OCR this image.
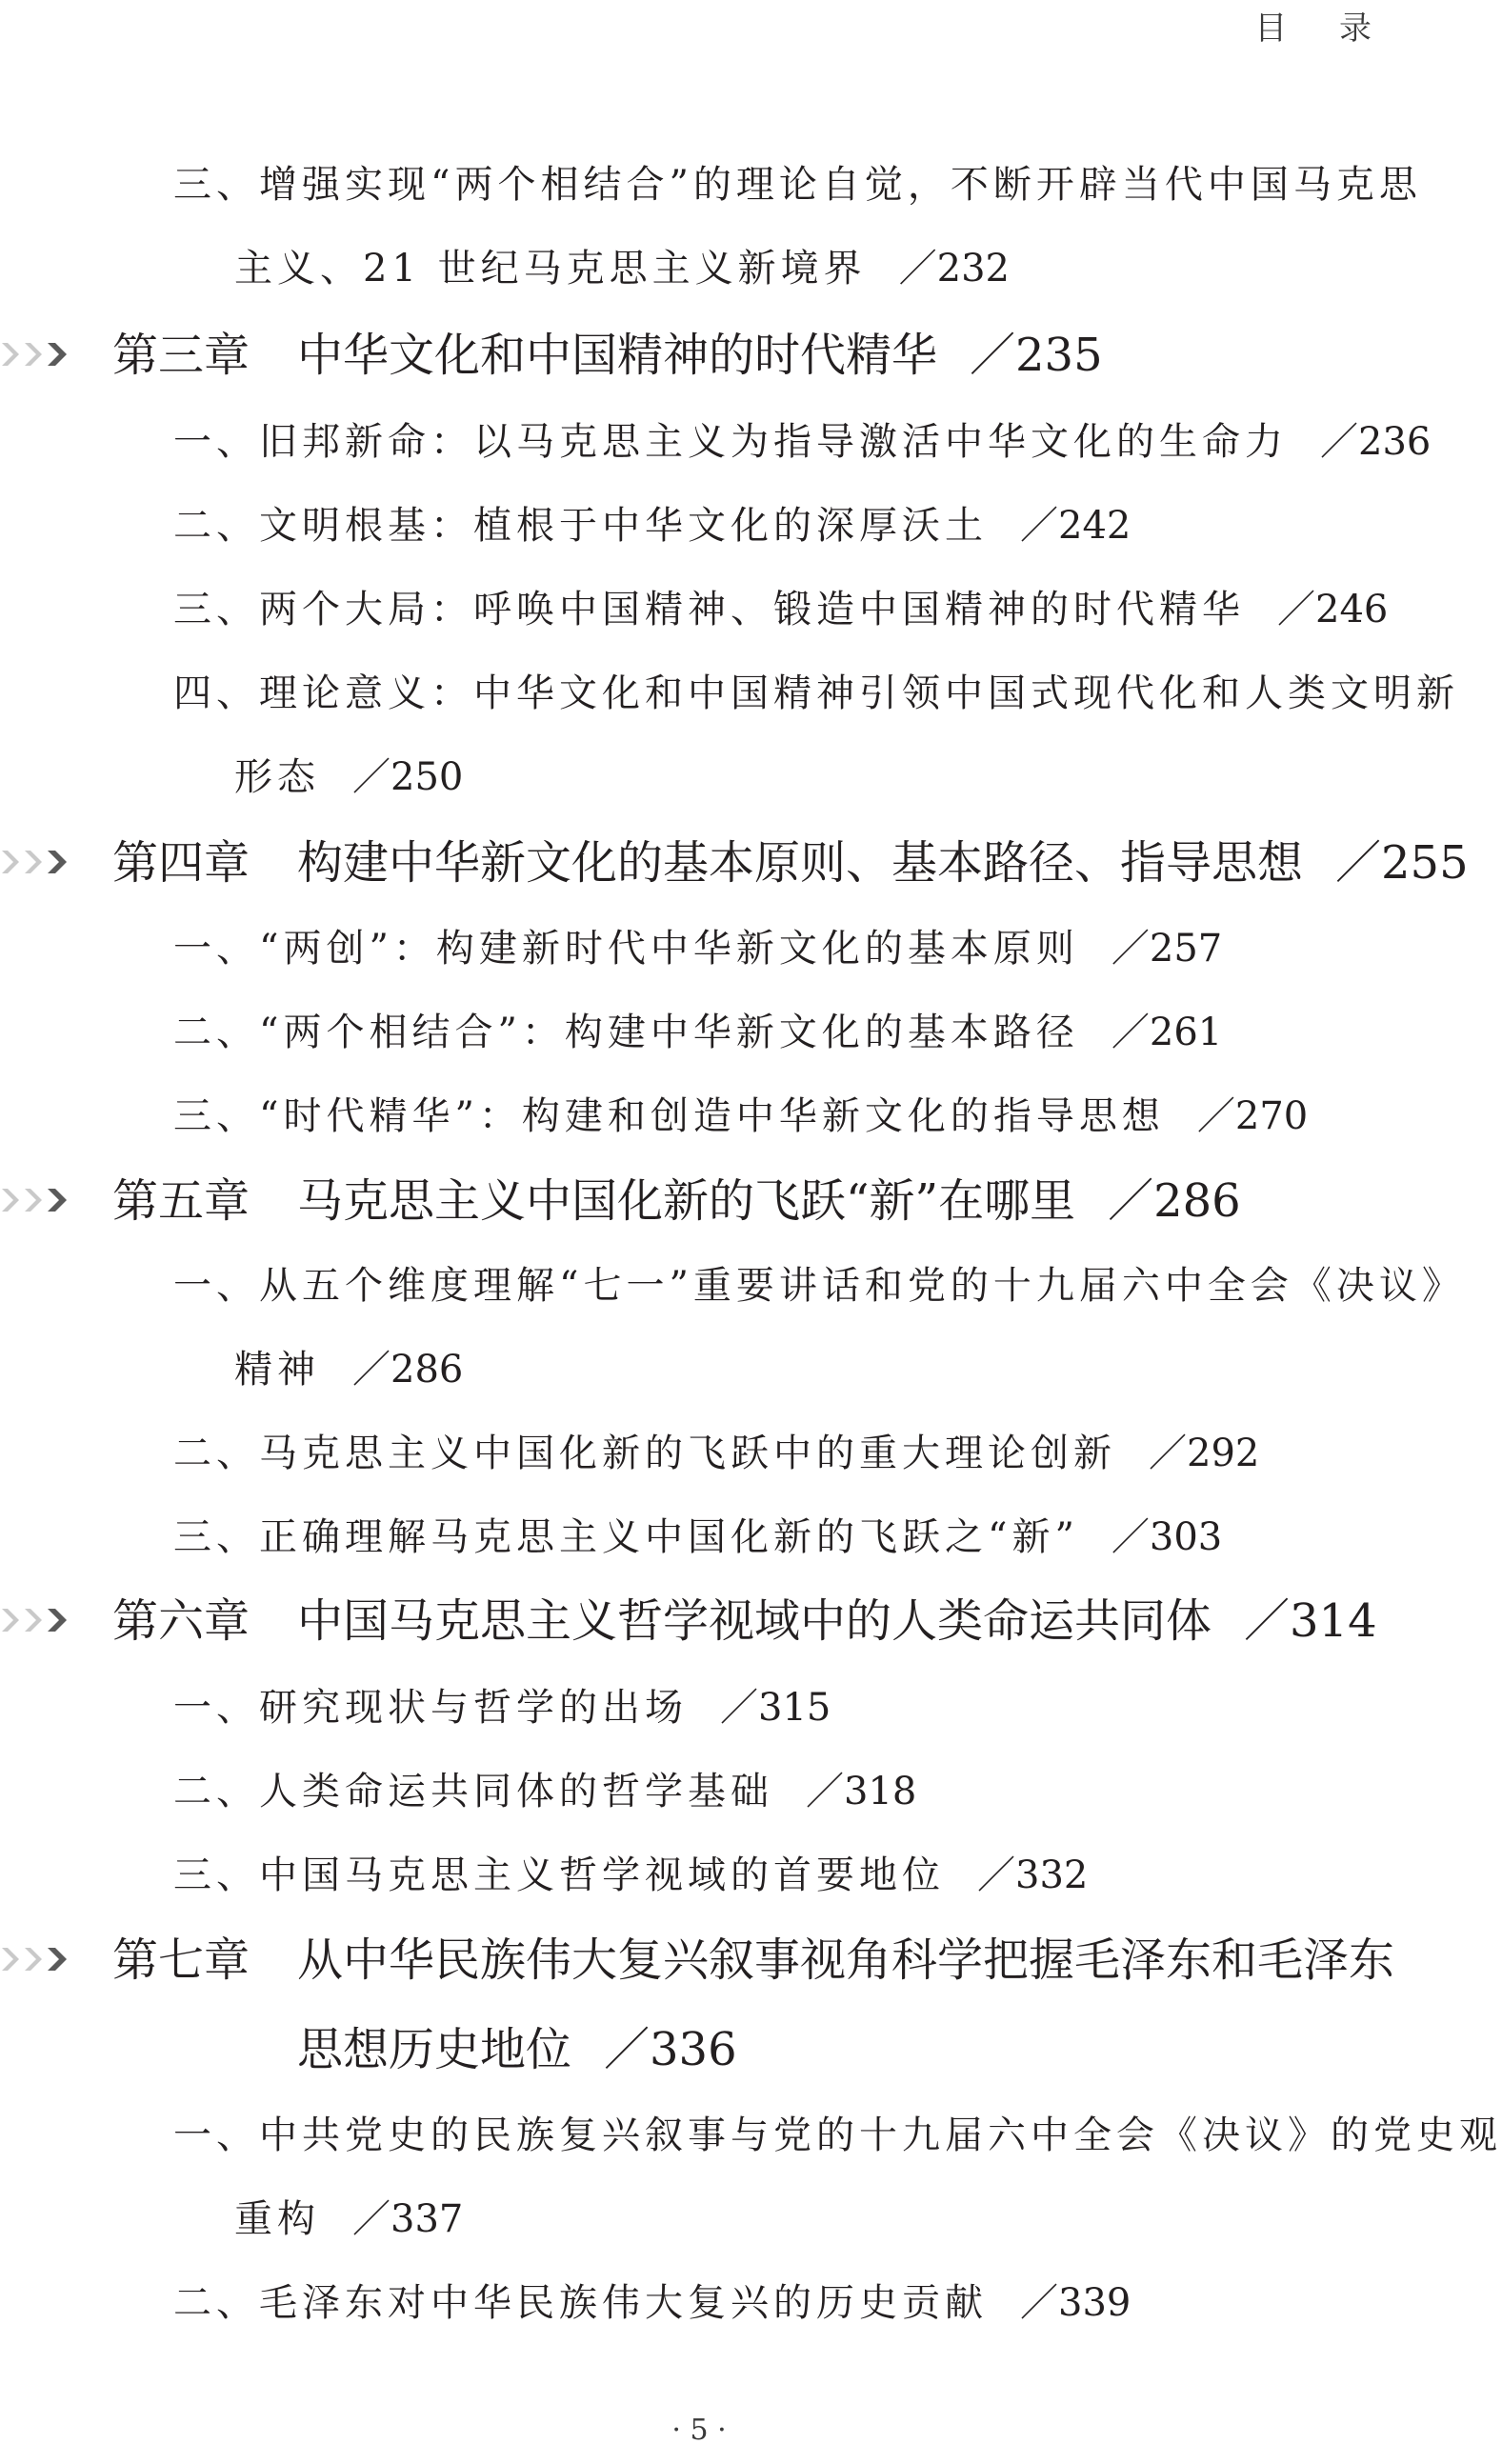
目 录
三、增强实现“两个相结合”的理论自觉，不断开辟当代中国马克思
主义、21 世纪马克思主义新境界 ／232
第三章 中华文化和中国精神的时代精华 ／235
一、旧邦新命：以马克思主义为指导激活中华文化的生命力 ／236
二、文明根基：植根于中华文化的深厚沃土 ／242
三、两个大局：呼唤中国精神、锻造中国精神的时代精华 ／246
四、理论意义：中华文化和中国精神引领中国式现代化和人类文明新
形态 ／250
第四章 构建中华新文化的基本原则、基本路径、指导思想 ／255
一、“两创”：构建新时代中华新文化的基本原则 ／257
二、“两个相结合”：构建中华新文化的基本路径 ／261
三、“时代精华”：构建和创造中华新文化的指导思想 ／270
第五章 马克思主义中国化新的飞跃“新”在哪里 ／286
一、从五个维度理解“七一”重要讲话和党的十九届六中全会《决议》
精神 ／286
二、马克思主义中国化新的飞跃中的重大理论创新 ／292
三、正确理解马克思主义中国化新的飞跃之“新” ／303
第六章 中国马克思主义哲学视域中的人类命运共同体 ／314
一、研究现状与哲学的出场 ／315
二、人类命运共同体的哲学基础 ／318
三、中国马克思主义哲学视域的首要地位 ／332
第七章 从中华民族伟大复兴叙事视角科学把握毛泽东和毛泽东
思想历史地位 ／336
一、中共党史的民族复兴叙事与党的十九届六中全会《决议》的党史观
重构 ／337
二、毛泽东对中华民族伟大复兴的历史贡献 ／339
· 5 ·
